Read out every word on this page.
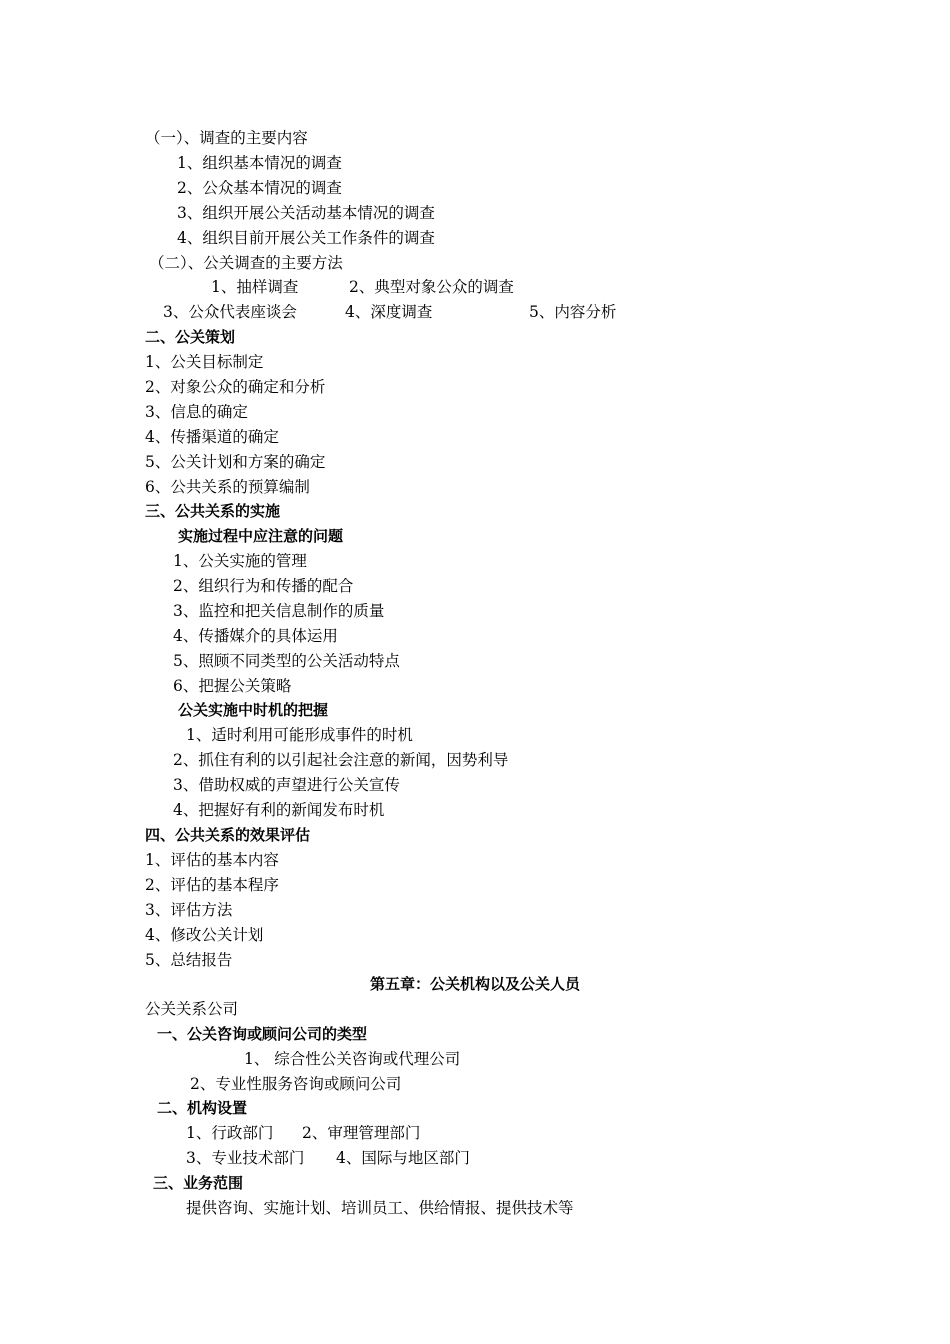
（一）、调查的主要内容
1、组织基本情况的调查
2、公众基本情况的调查
3、组织开展公关活动基本情况的调查
4、组织目前开展公关工作条件的调查
（二）、公关调查的主要方法
1、抽样调查	2、典型对象公众的调查
3、公众代表座谈会	4、深度调查	5、内容分析
二、公关策划
1、公关目标制定
2、对象公众的确定和分析
3、信息的确定
4、传播渠道的确定
5、公关计划和方案的确定
6、公共关系的预算编制
三、公共关系的实施
实施过程中应注意的问题
1、公关实施的管理
2、组织行为和传播的配合
3、监控和把关信息制作的质量
4、传播媒介的具体运用
5、照顾不同类型的公关活动特点
6、把握公关策略
公关实施中时机的把握
1、适时利用可能形成事件的时机
2、抓住有利的以引起社会注意的新闻，因势利导
3、借助权威的声望进行公关宣传
4、把握好有利的新闻发布时机
四、公共关系的效果评估
1、评估的基本内容
2、评估的基本程序
3、评估方法
4、修改公关计划
5、总结报告
第五章：公关机构以及公关人员
公关关系公司
一、公关咨询或顾问公司的类型
1、 综合性公关咨询或代理公司
2、专业性服务咨询或顾问公司
二、机构设置
1、行政部门 2、审理管理部门
3、专业技术部门 4、国际与地区部门
三、业务范围
提供咨询、实施计划、培训员工、供给情报、提供技术等
